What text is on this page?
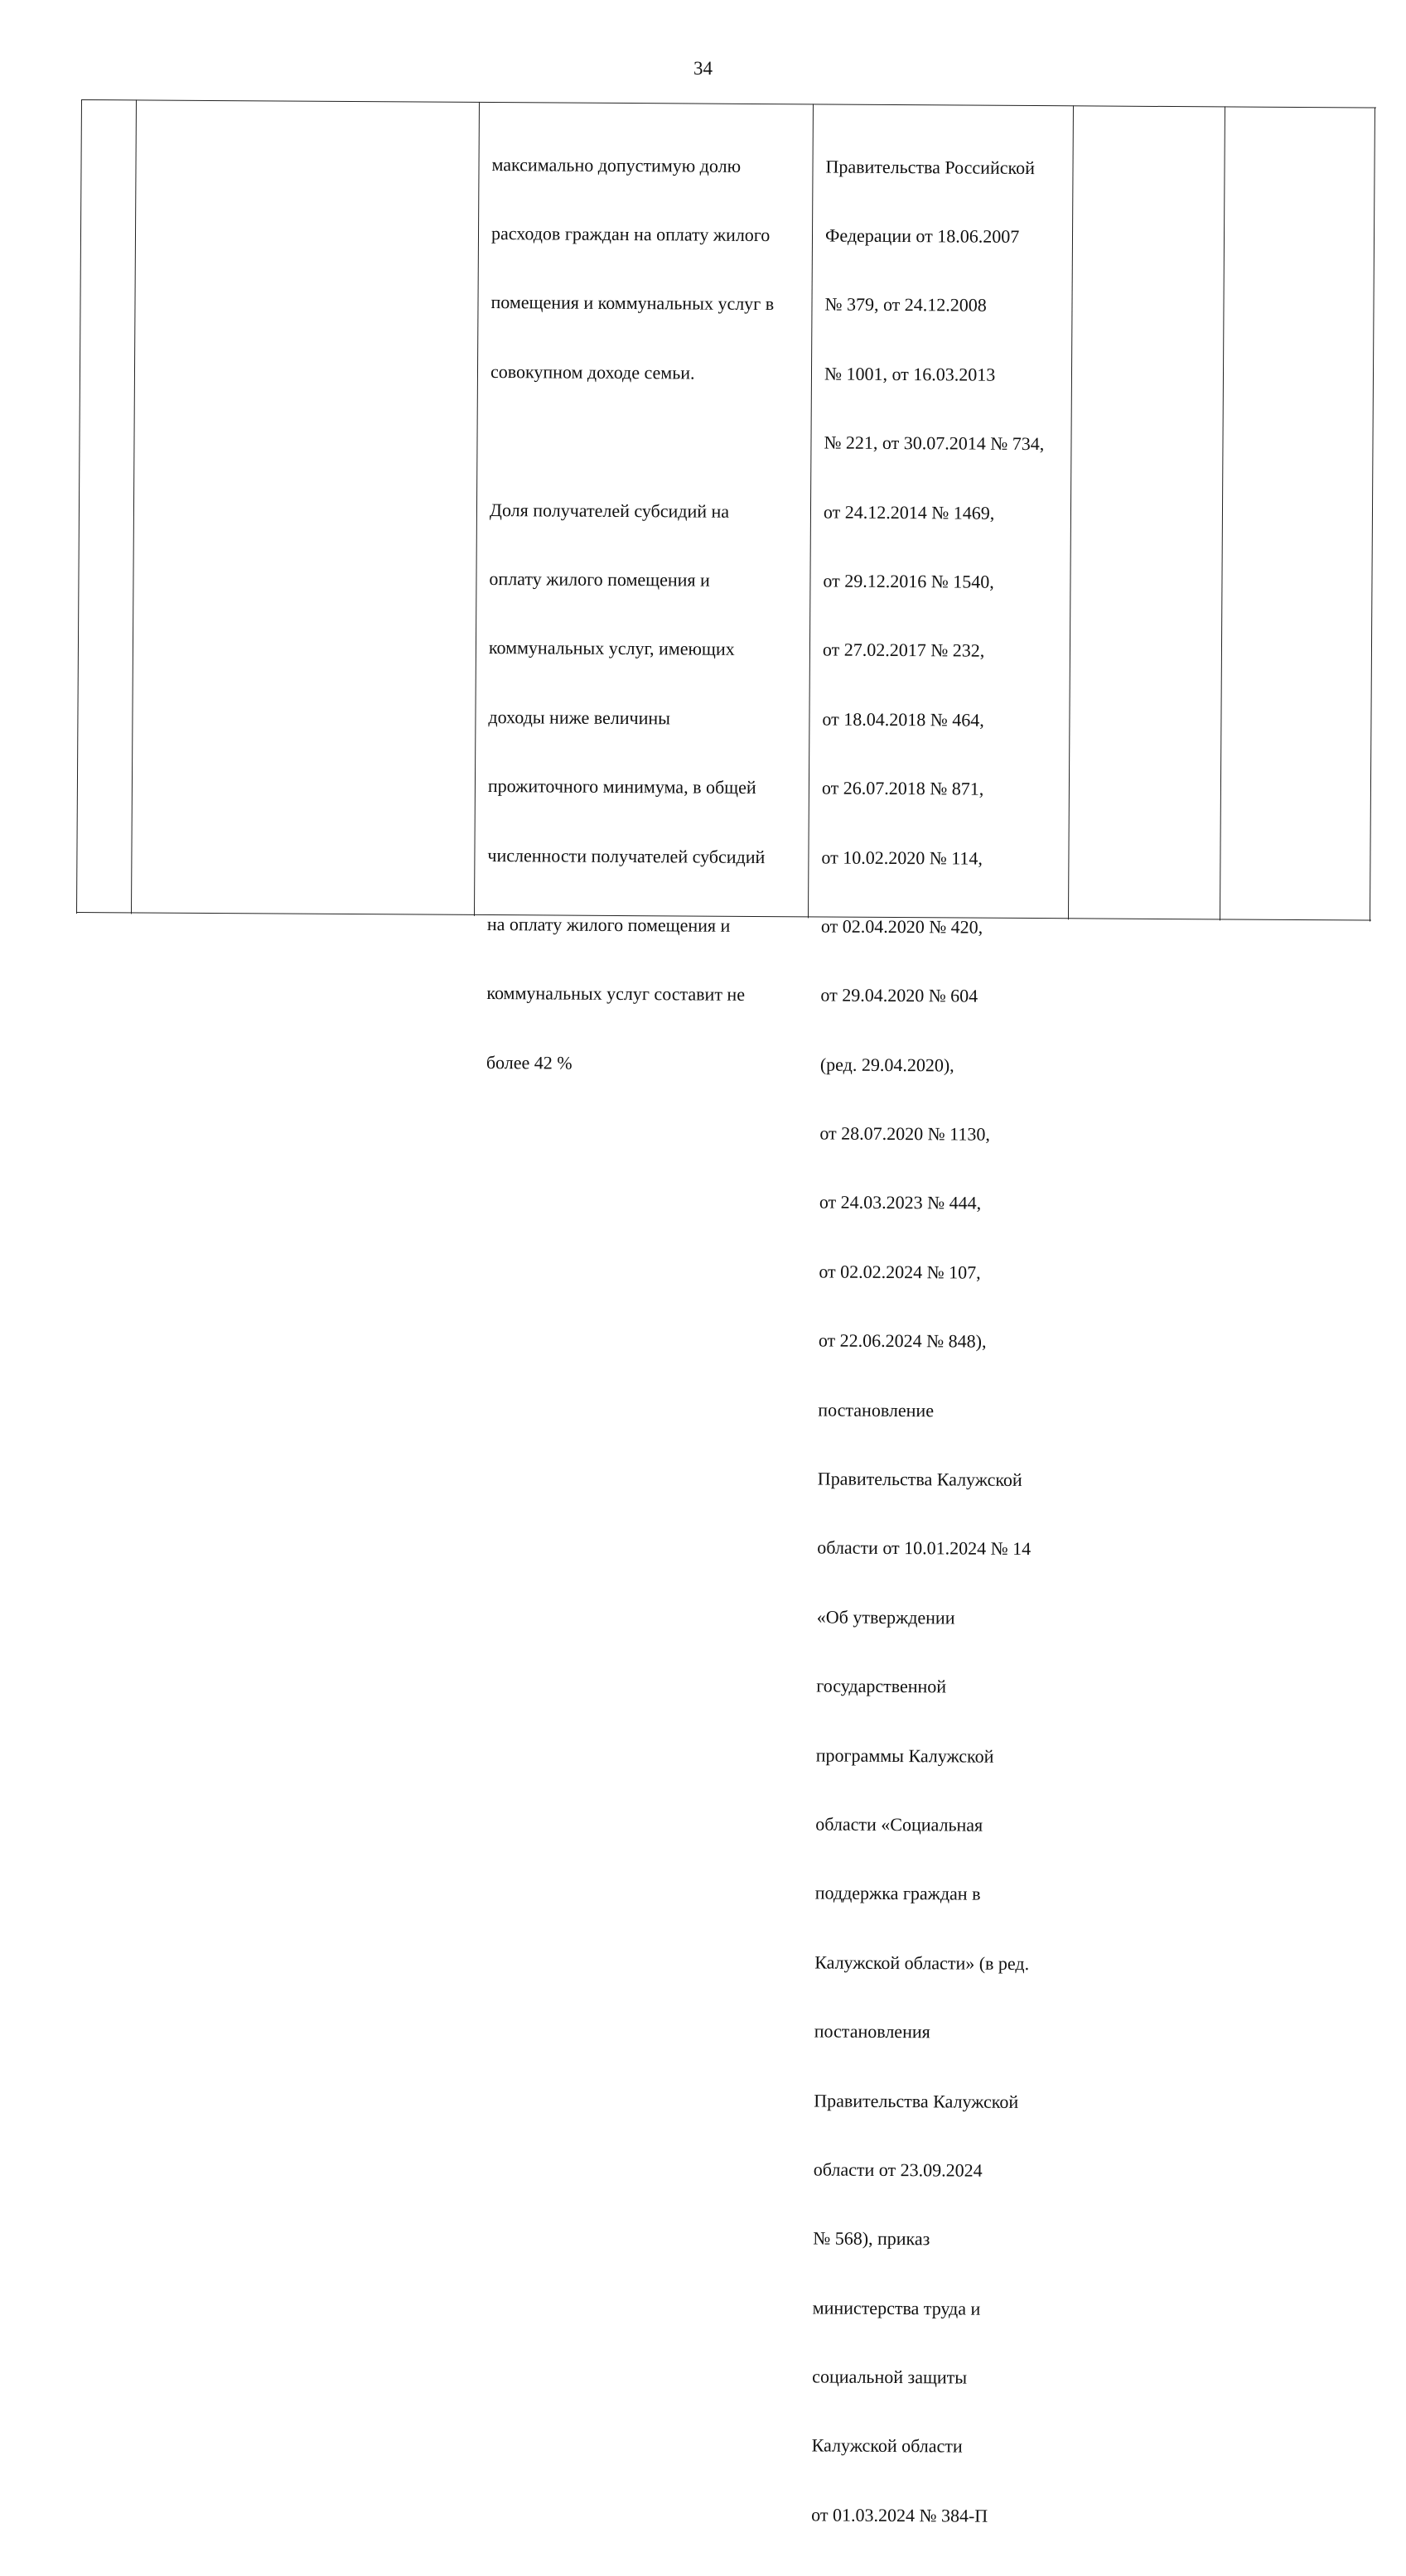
34

максимально допустимую долю

расходов граждан на оплату жилого

помещения и коммунальных услуг в

совокупном доходе семьи.

Доля получателей субсидий на

оплату жилого помещения и

коммунальных услуг, имеющих

доходы ниже величины

прожиточного минимума, в общей

численности получателей субсидий

на оплату жилого помещения и

коммунальных услуг составит не

более 42 %

Правительства Российской

Федерации от 18.06.2007

№ 379, от 24.12.2008

№ 1001, от 16.03.2013

№ 221, от 30.07.2014 № 734,

от 24.12.2014 № 1469,

от 29.12.2016 № 1540,

от 27.02.2017 № 232,

от 18.04.2018 № 464,

от 26.07.2018 № 871,

от 10.02.2020 № 114,

от 02.04.2020 № 420,

от 29.04.2020 № 604

(ред. 29.04.2020),

от 28.07.2020 № 1130,

от 24.03.2023 № 444,

от 02.02.2024 № 107,

от 22.06.2024 № 848),

постановление

Правительства Калужской

области от 10.01.2024 № 14

«Об утверждении

государственной

программы Калужской

области «Социальная

поддержка граждан в

Калужской области» (в ред.

постановления

Правительства Калужской

области от 23.09.2024

№ 568), приказ

министерства труда и

социальной защиты

Калужской области

от 01.03.2024 № 384-П
